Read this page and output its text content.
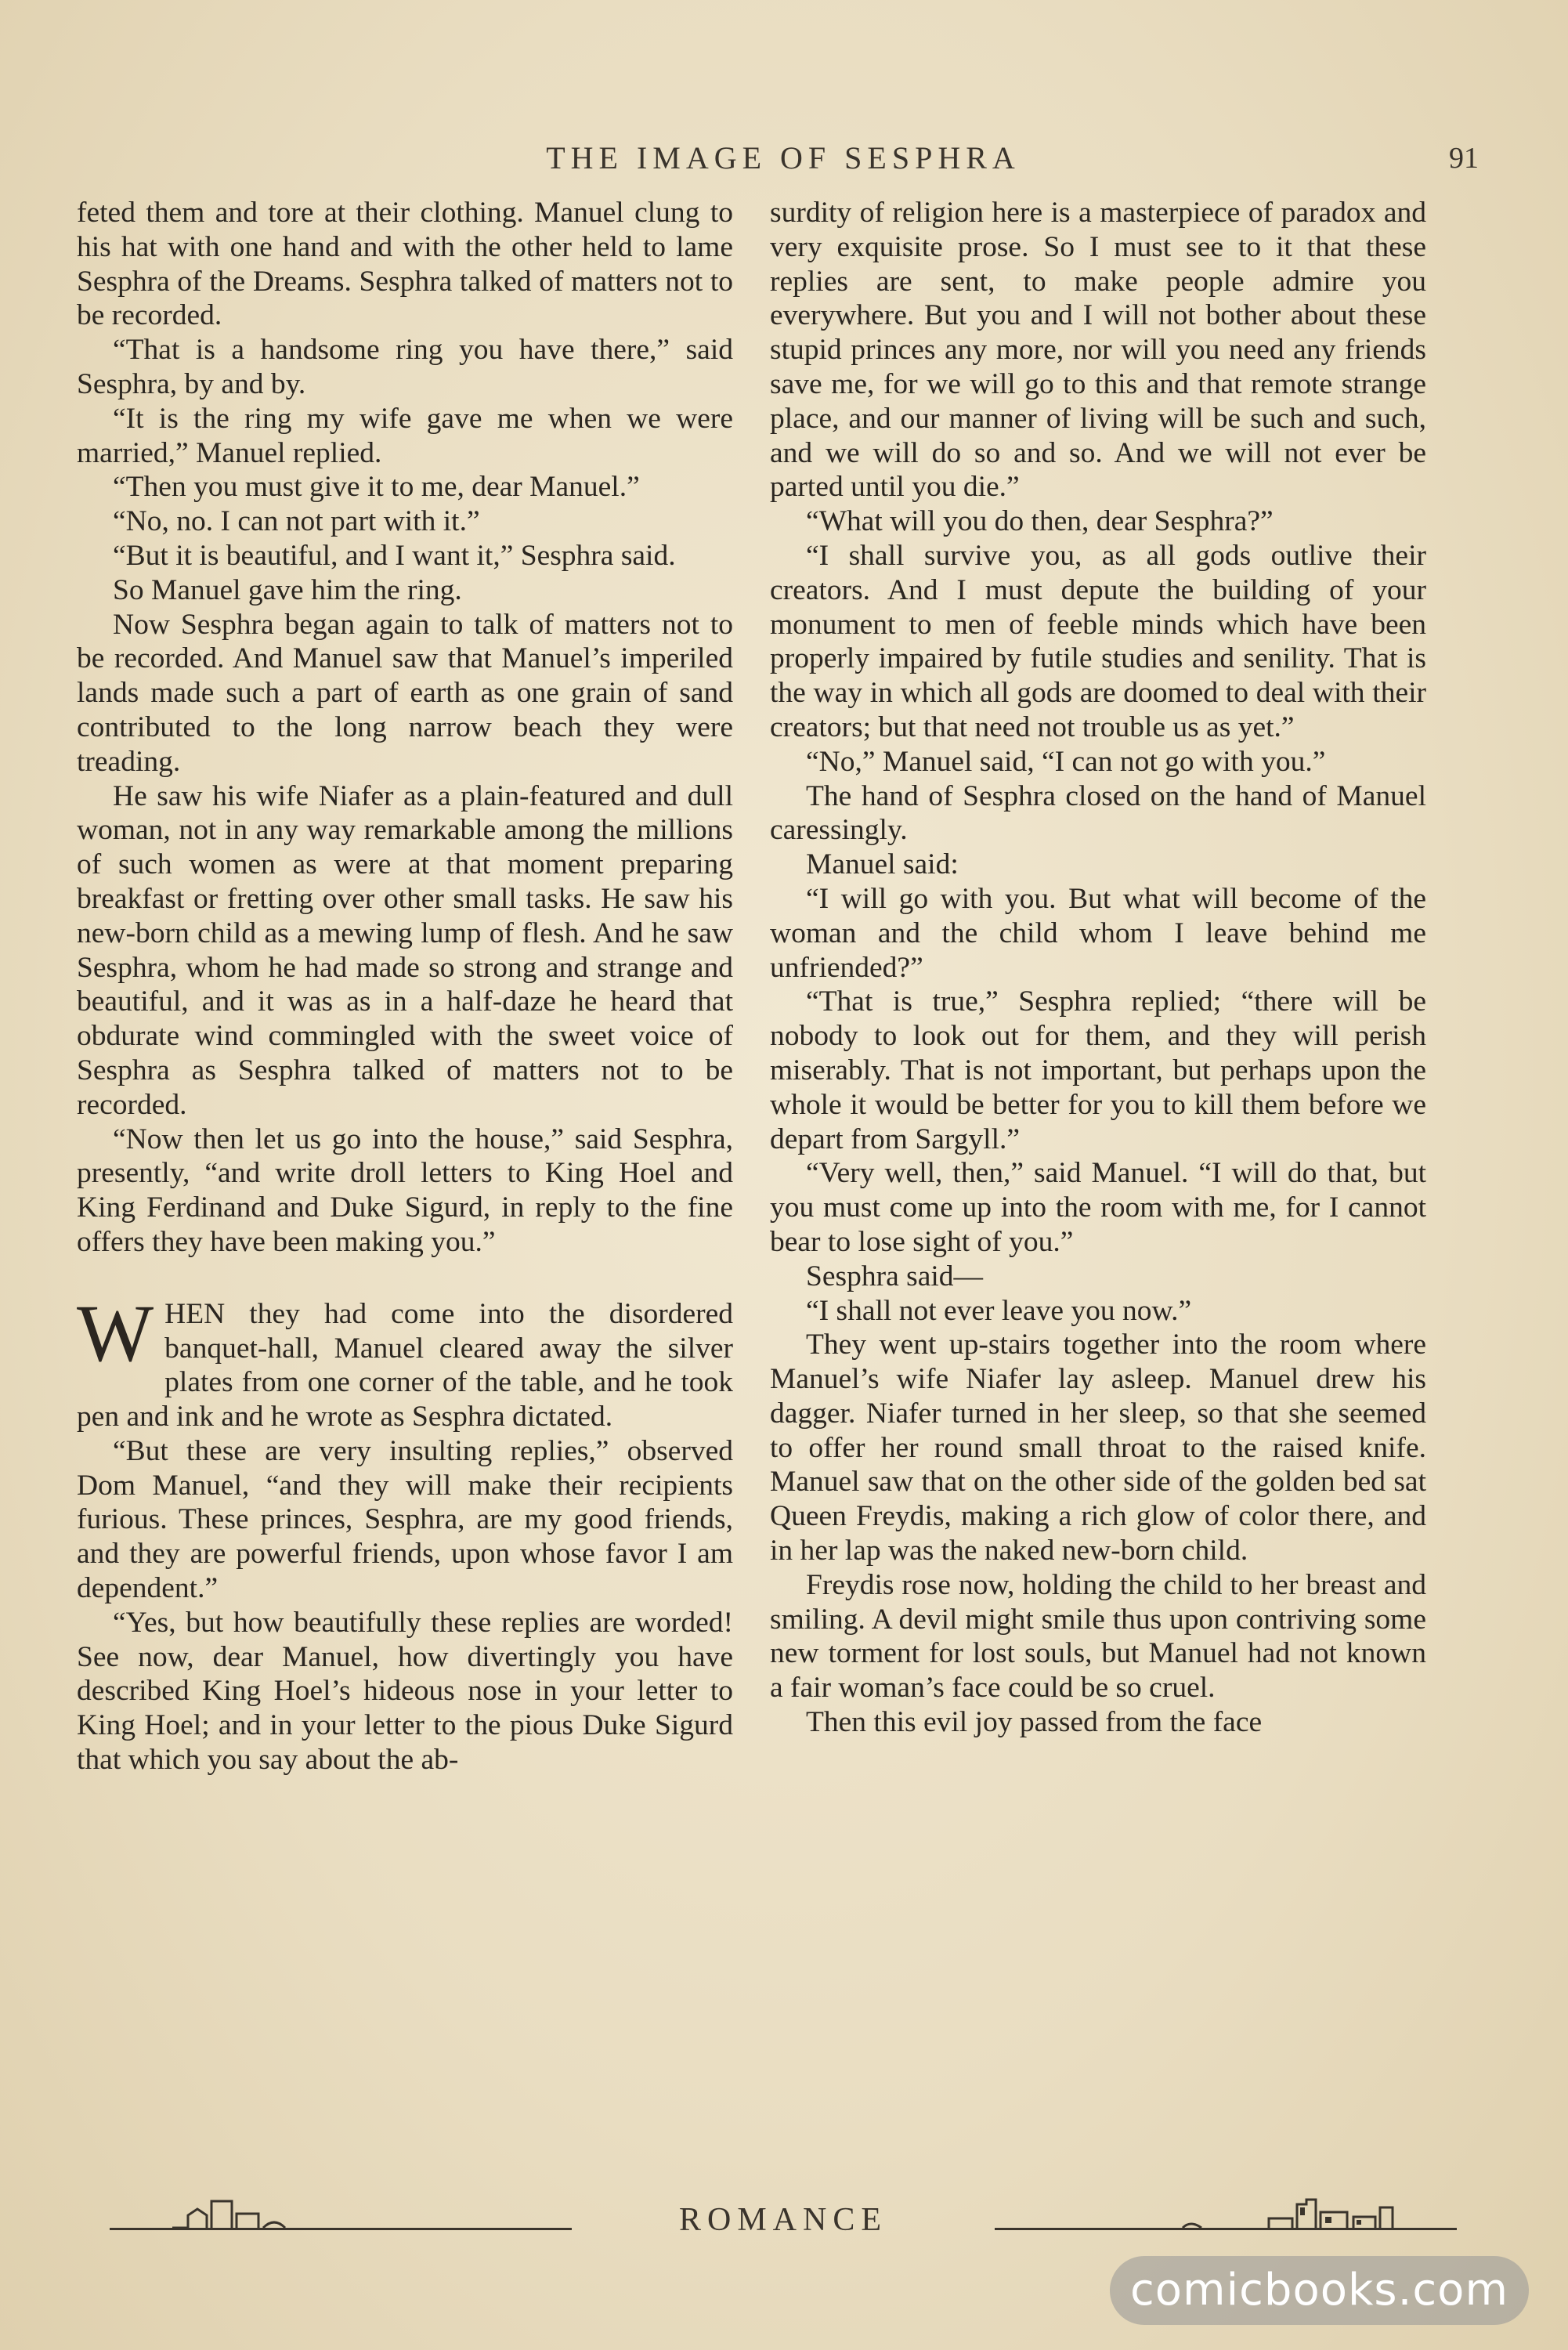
THE IMAGE OF SESPHRA	91

feted them and tore at their clothing. Manuel clung to his hat with one hand and with the other held to lame Sesphra of the Dreams. Sesphra talked of matters not to be recorded.

“That is a handsome ring you have there,” said Sesphra, by and by.

“It is the ring my wife gave me when we were married,” Manuel replied.

“Then you must give it to me, dear Manuel.”

“No, no. I can not part with it.”

“But it is beautiful, and I want it,” Sesphra said.

So Manuel gave him the ring.

Now Sesphra began again to talk of matters not to be recorded. And Manuel saw that Manuel’s imperiled lands made such a part of earth as one grain of sand contributed to the long narrow beach they were treading.

He saw his wife Niafer as a plain-featured and dull woman, not in any way remarkable among the millions of such women as were at that moment preparing breakfast or fretting over other small tasks. He saw his new-born child as a mewing lump of flesh. And he saw Sesphra, whom he had made so strong and strange and beautiful, and it was as in a half-daze he heard that obdurate wind commingled with the sweet voice of Sesphra as Sesphra talked of matters not to be recorded.

“Now then let us go into the house,” said Sesphra, presently, “and write droll letters to King Hoel and King Ferdinand and Duke Sigurd, in reply to the fine offers they have been making you.”

WHEN they had come into the disordered banquet-hall, Manuel cleared away the silver plates from one corner of the table, and he took pen and ink and he wrote as Sesphra dictated.

“But these are very insulting replies,” observed Dom Manuel, “and they will make their recipients furious. These princes, Sesphra, are my good friends, and they are powerful friends, upon whose favor I am dependent.”

“Yes, but how beautifully these replies are worded! See now, dear Manuel, how divertingly you have described King Hoel’s hideous nose in your letter to King Hoel; and in your letter to the pious Duke Sigurd that which you say about the ab-

surdity of religion here is a masterpiece of paradox and very exquisite prose. So I must see to it that these replies are sent, to make people admire you everywhere. But you and I will not bother about these stupid princes any more, nor will you need any friends save me, for we will go to this and that remote strange place, and our manner of living will be such and such, and we will do so and so. And we will not ever be parted until you die.”

“What will you do then, dear Sesphra?”

“I shall survive you, as all gods outlive their creators. And I must depute the building of your monument to men of feeble minds which have been properly impaired by futile studies and senility. That is the way in which all gods are doomed to deal with their creators; but that need not trouble us as yet.”

“No,” Manuel said, “I can not go with you.”

The hand of Sesphra closed on the hand of Manuel caressingly.

Manuel said:

“I will go with you. But what will become of the woman and the child whom I leave behind me unfriended?”

“That is true,” Sesphra replied; “there will be nobody to look out for them, and they will perish miserably. That is not important, but perhaps upon the whole it would be better for you to kill them before we depart from Sargyll.”

“Very well, then,” said Manuel. “I will do that, but you must come up into the room with me, for I cannot bear to lose sight of you.”

Sesphra said—

“I shall not ever leave you now.”

They went up-stairs together into the room where Manuel’s wife Niafer lay asleep. Manuel drew his dagger. Niafer turned in her sleep, so that she seemed to offer her round small throat to the raised knife. Manuel saw that on the other side of the golden bed sat Queen Freydis, making a rich glow of color there, and in her lap was the naked new-born child.

Freydis rose now, holding the child to her breast and smiling. A devil might smile thus upon contriving some new torment for lost souls, but Manuel had not known a fair woman’s face could be so cruel.

Then this evil joy passed from the face

ROMANCE
comicbooks.com
